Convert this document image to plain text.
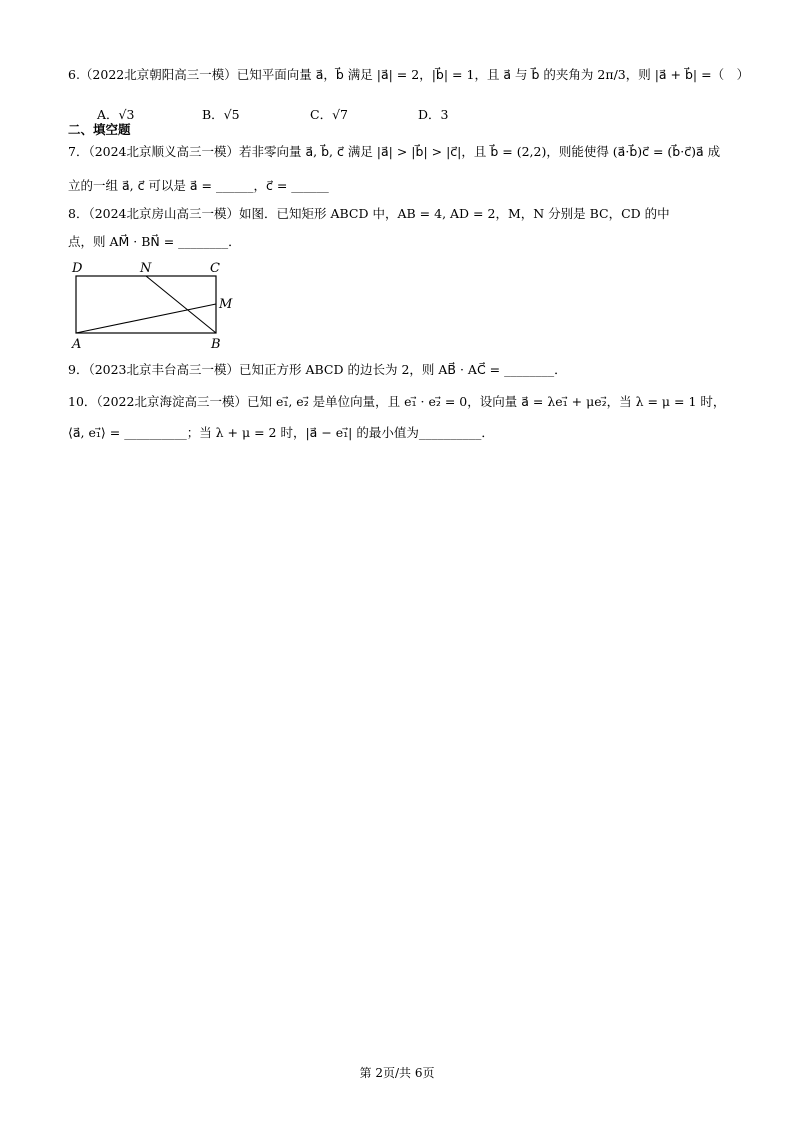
6.（2022北京朝阳高三一模）已知平面向量 a⃗，b⃗ 满足 |a⃗| = 2，|b⃗| = 1，且 a⃗ 与 b⃗ 的夹角为 2π/3，则 |a⃗ + b⃗| =（　）
A．√3	B．√5	C．√7	D．3
二、填空题
7．（2024北京顺义高三一模）若非零向量 a⃗, b⃗, c⃗ 满足 |a⃗| > |b⃗| > |c⃗|，且 b⃗ = (2,2)，则能使得 (a⃗·b⃗)c⃗ = (b⃗·c⃗)a⃗ 成
立的一组 a⃗, c⃗ 可以是 a⃗ = ______，c⃗ = ______
8．（2024北京房山高三一模）如图．已知矩形 ABCD 中，AB = 4, AD = 2，M，N 分别是 BC，CD 的中
点，则 AM⃗ · BN⃗ = ________．
D	N	C
M
A	B
9．（2023北京丰台高三一模）已知正方形 ABCD 的边长为 2，则 AB⃗ · AC⃗ = ________．
10．（2022北京海淀高三一模）已知 e₁⃗, e₂⃗ 是单位向量，且 e₁⃗ · e₂⃗ = 0，设向量 a⃗ = λe₁⃗ + μe₂⃗，当 λ = μ = 1 时，
⟨a⃗, e₁⃗⟩ = __________；当 λ + μ = 2 时，|a⃗ − e₁⃗| 的最小值为__________．
第 2页/共 6页
